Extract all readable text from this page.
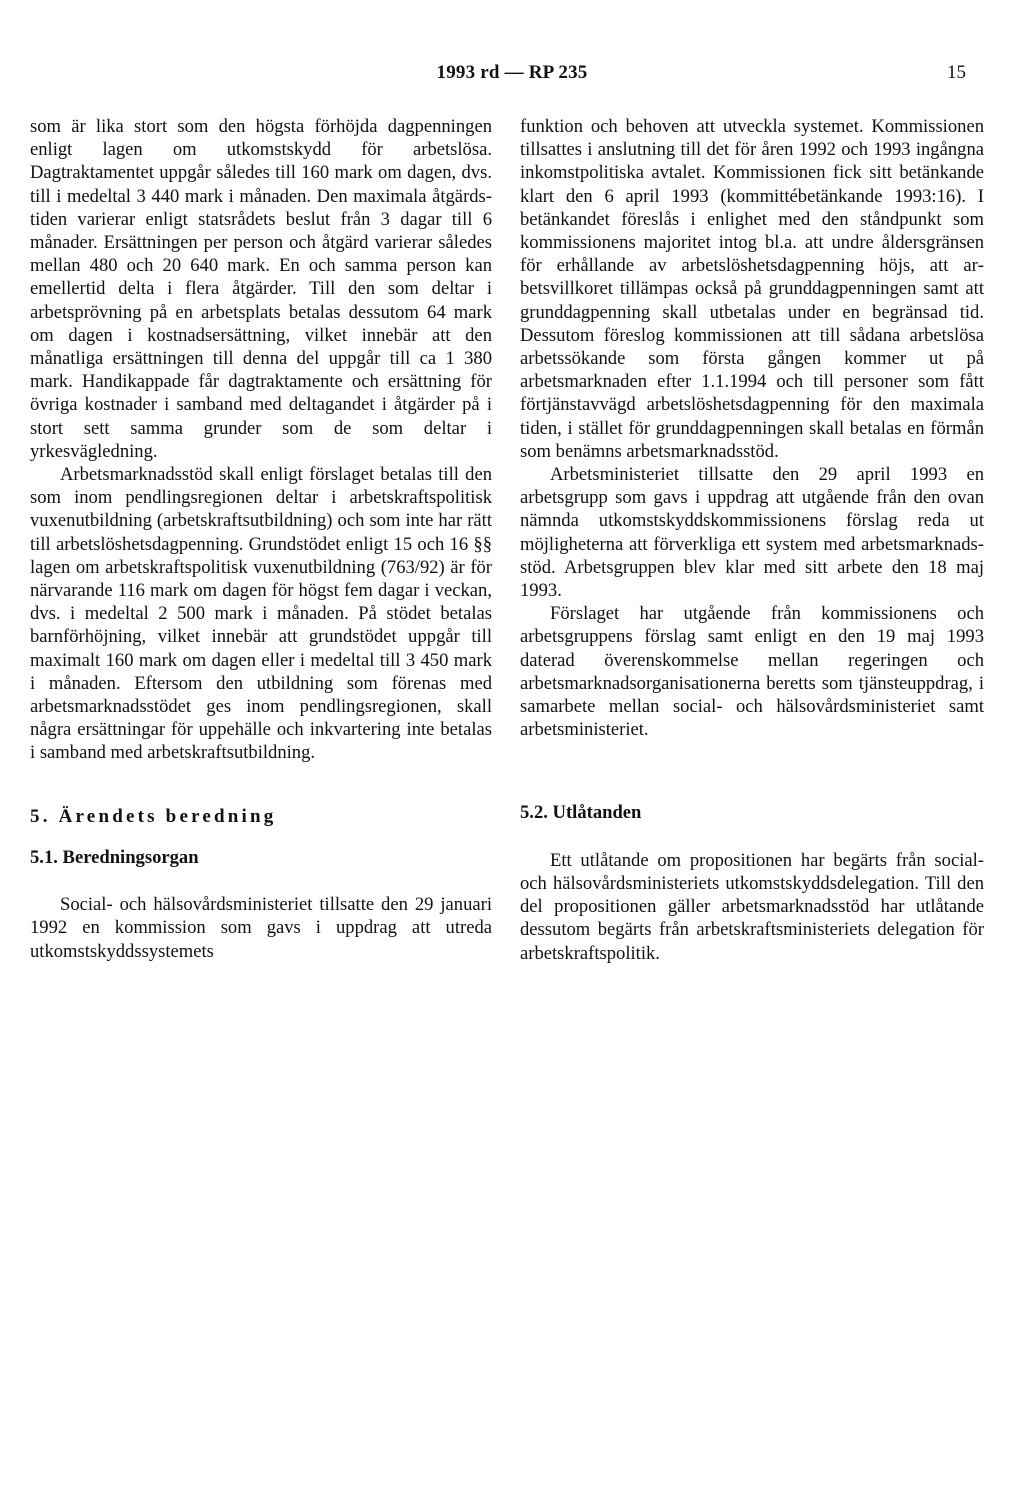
1993 rd — RP 235	15

som är lika stort som den högsta förhöjda dagpenningen enligt lagen om utkomstskydd för arbetslösa. Dagtraktamentet uppgår således till 160 mark om dagen, dvs. till i medeltal 3 440 mark i månaden. Den maximala åtgärdstiden varierar enligt statsrådets beslut från 3 dagar till 6 månader. Ersättningen per person och åtgärd varierar således mellan 480 och 20 640 mark. En och samma person kan emellertid delta i flera åtgärder. Till den som deltar i arbetsprövning på en arbetsplats betalas dessutom 64 mark om dagen i kostnadsersättning, vilket innebär att den månatliga ersättningen till denna del uppgår till ca 1 380 mark. Handikappade får dagtraktamente och ersättning för övriga kostnader i samband med deltagandet i åtgärder på i stort sett samma grunder som de som deltar i yrkesvägledning.

Arbetsmarknadsstöd skall enligt förslaget betalas till den som inom pendlingsregionen deltar i arbetskraftspolitisk vuxenutbildning (arbetskraftsutbildning) och som inte har rätt till arbetslöshetsdagpenning. Grundstödet enligt 15 och 16 §§ lagen om arbetskraftspolitisk vuxenutbildning (763/92) är för närvarande 116 mark om dagen för högst fem dagar i veckan, dvs. i medeltal 2 500 mark i månaden. På stödet betalas barnförhöjning, vilket innebär att grundstödet uppgår till maximalt 160 mark om dagen eller i medeltal till 3 450 mark i månaden. Eftersom den utbildning som förenas med arbetsmarknadsstödet ges inom pendlingsregionen, skall några ersättningar för uppehälle och inkvartering inte betalas i samband med arbetskraftsutbildning.

5. Ärendets beredning
5.1. Beredningsorgan

Social- och hälsovårdsministeriet tillsatte den 29 januari 1992 en kommission som gavs i uppdrag att utreda utkomstskyddssystemets

funktion och behoven att utveckla systemet. Kommissionen tillsattes i anslutning till det för åren 1992 och 1993 ingångna inkomstpolitiska avtalet. Kommissionen fick sitt betänkande klart den 6 april 1993 (kommittébetänkande 1993:16). I betänkandet föreslås i enlighet med den ståndpunkt som kommissionens majoritet intog bl.a. att undre åldersgränsen för erhållande av arbetslöshetsdagpenning höjs, att arbetsvillkoret tillämpas också på grunddagpenningen samt att grunddagpenning skall utbetalas under en begränsad tid. Dessutom föreslog kommissionen att till sådana arbetslösa arbetssökande som första gången kommer ut på arbetsmarknaden efter 1.1.1994 och till personer som fått förtjänstavvägd arbetslöshetsdagpenning för den maximala tiden, i stället för grunddagpenningen skall betalas en förmån som benämns arbetsmarknadsstöd.

Arbetsministeriet tillsatte den 29 april 1993 en arbetsgrupp som gavs i uppdrag att utgående från den ovan nämnda utkomstskyddskommissionens förslag reda ut möjligheterna att förverkliga ett system med arbetsmarknadsstöd. Arbetsgruppen blev klar med sitt arbete den 18 maj 1993.

Förslaget har utgående från kommissionens och arbetsgruppens förslag samt enligt en den 19 maj 1993 daterad överenskommelse mellan regeringen och arbetsmarknadsorganisationerna beretts som tjänsteuppdrag, i samarbete mellan social- och hälsovårdsministeriet samt arbetsministeriet.

5.2. Utlåtanden

Ett utlåtande om propositionen har begärts från social- och hälsovårdsministeriets utkomstskyddsdelegation. Till den del propositionen gäller arbetsmarknadsstöd har utlåtande dessutom begärts från arbetskraftsministeriets delegation för arbetskraftspolitik.
